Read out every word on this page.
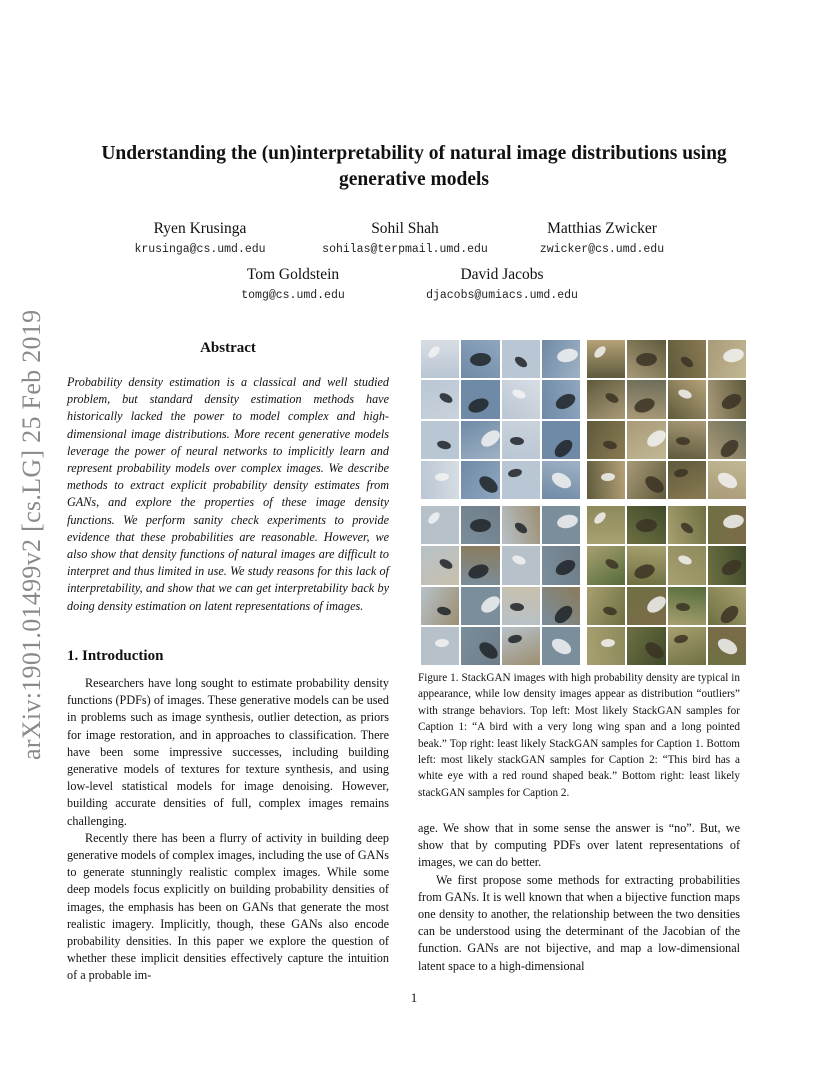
arXiv:1901.01499v2 [cs.LG] 25 Feb 2019
Understanding the (un)interpretability of natural image distributions using generative models
Ryen Krusinga
krusinga@cs.umd.edu
Sohil Shah
sohilas@terpmail.umd.edu
Matthias Zwicker
zwicker@cs.umd.edu
Tom Goldstein
tomg@cs.umd.edu
David Jacobs
djacobs@umiacs.umd.edu
Abstract
Probability density estimation is a classical and well studied problem, but standard density estimation methods have historically lacked the power to model complex and high-dimensional image distributions. More recent generative models leverage the power of neural networks to implicitly learn and represent probability models over complex images. We describe methods to extract explicit probability density estimates from GANs, and explore the properties of these image density functions. We perform sanity check experiments to provide evidence that these probabilities are reasonable. However, we also show that density functions of natural images are difficult to interpret and thus limited in use. We study reasons for this lack of interpretability, and show that we can get interpretability back by doing density estimation on latent representations of images.
1. Introduction

Researchers have long sought to estimate probability density functions (PDFs) of images. These generative models can be used in problems such as image synthesis, outlier detection, as priors for image restoration, and in approaches to classification. There have been some impressive successes, including building generative models of textures for texture synthesis, and using low-level statistical models for image denoising. However, building accurate densities of full, complex images remains challenging.

Recently there has been a flurry of activity in building deep generative models of complex images, including the use of GANs to generate stunningly realistic complex images. While some deep models focus explicitly on building probability densities of images, the emphasis has been on GANs that generate the most realistic imagery. Implicitly, though, these GANs also encode probability densities. In this paper we explore the question of whether these implicit densities effectively capture the intuition of a probable im-

Figure 1. StackGAN images with high probability density are typical in appearance, while low density images appear as distribution “outliers” with strange behaviors. Top left: Most likely StackGAN samples for Caption 1: “A bird with a very long wing span and a long pointed beak.” Top right: least likely StackGAN samples for Caption 1. Bottom left: most likely stackGAN samples for Caption 2: “This bird has a white eye with a red round shaped beak.” Bottom right: least likely stackGAN samples for Caption 2.

age. We show that in some sense the answer is “no”. But, we show that by computing PDFs over latent representations of images, we can do better.

We first propose some methods for extracting probabilities from GANs. It is well known that when a bijective function maps one density to another, the relationship between the two densities can be understood using the determinant of the Jacobian of the function. GANs are not bijective, and map a low-dimensional latent space to a high-dimensional

1
